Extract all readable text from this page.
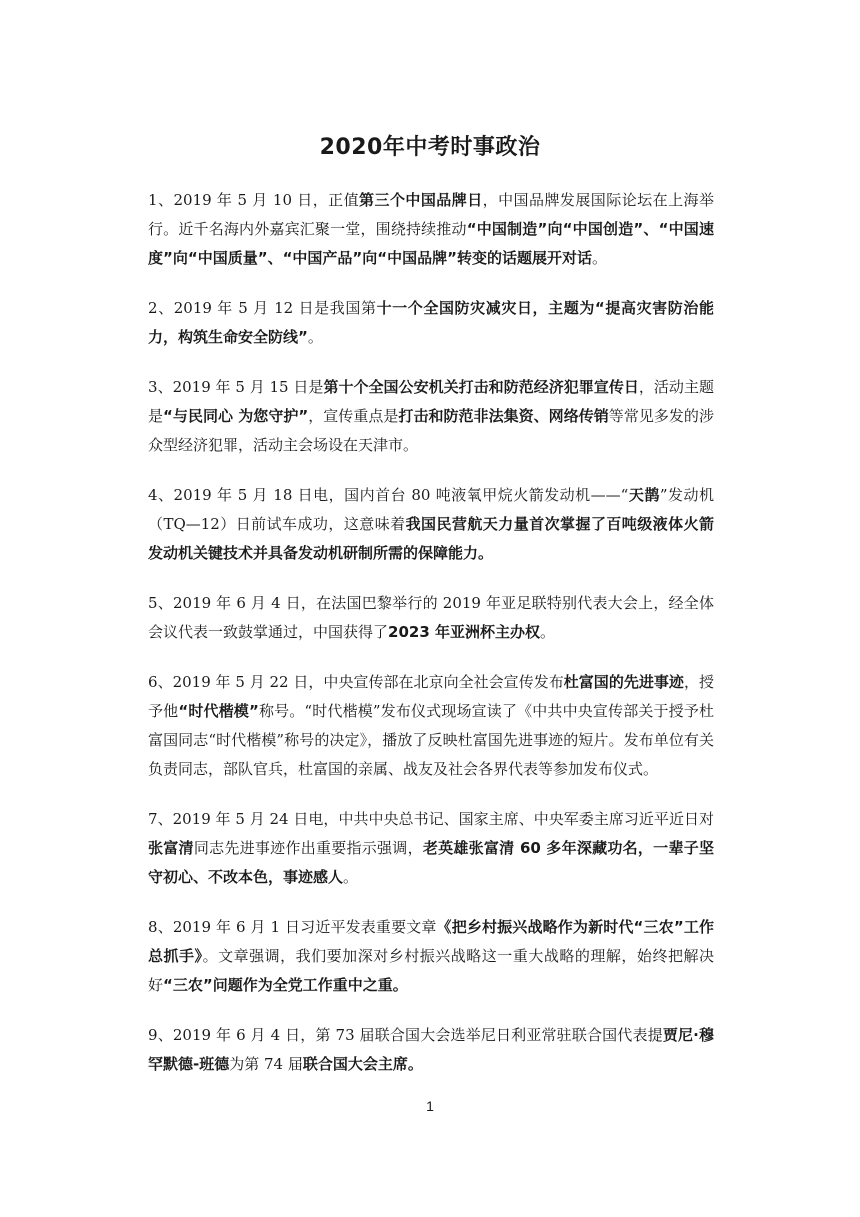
2020年中考时事政治

1、2019 年 5 月 10 日，正值第三个中国品牌日，中国品牌发展国际论坛在上海举行。近千名海内外嘉宾汇聚一堂，围绕持续推动“中国制造”向“中国创造”、“中国速度”向“中国质量”、“中国产品”向“中国品牌”转变的话题展开对话。

2、2019 年 5 月 12 日是我国第十一个全国防灾减灾日，主题为“提高灾害防治能力，构筑生命安全防线”。

3、2019 年 5 月 15 日是第十个全国公安机关打击和防范经济犯罪宣传日，活动主题是“与民同心 为您守护”，宣传重点是打击和防范非法集资、网络传销等常见多发的涉众型经济犯罪，活动主会场设在天津市。

4、2019 年 5 月 18 日电，国内首台 80 吨液氧甲烷火箭发动机——“天鹊”发动机（TQ—12）日前试车成功，这意味着我国民营航天力量首次掌握了百吨级液体火箭发动机关键技术并具备发动机研制所需的保障能力。

5、2019 年 6 月 4 日，在法国巴黎举行的 2019 年亚足联特别代表大会上，经全体会议代表一致鼓掌通过，中国获得了2023 年亚洲杯主办权。

6、2019 年 5 月 22 日，中央宣传部在北京向全社会宣传发布杜富国的先进事迹，授予他“时代楷模”称号。“时代楷模”发布仪式现场宣读了《中共中央宣传部关于授予杜富国同志“时代楷模”称号的决定》，播放了反映杜富国先进事迹的短片。发布单位有关负责同志，部队官兵，杜富国的亲属、战友及社会各界代表等参加发布仪式。

7、2019 年 5 月 24 日电，中共中央总书记、国家主席、中央军委主席习近平近日对张富清同志先进事迹作出重要指示强调，老英雄张富清 60 多年深藏功名，一辈子坚守初心、不改本色，事迹感人。

8、2019 年 6 月 1 日习近平发表重要文章《把乡村振兴战略作为新时代“三农”工作总抓手》。文章强调，我们要加深对乡村振兴战略这一重大战略的理解，始终把解决好“三农”问题作为全党工作重中之重。

9、2019 年 6 月 4 日，第 73 届联合国大会选举尼日利亚常驻联合国代表提贾尼·穆罕默德-班德为第 74 届联合国大会主席。

1
